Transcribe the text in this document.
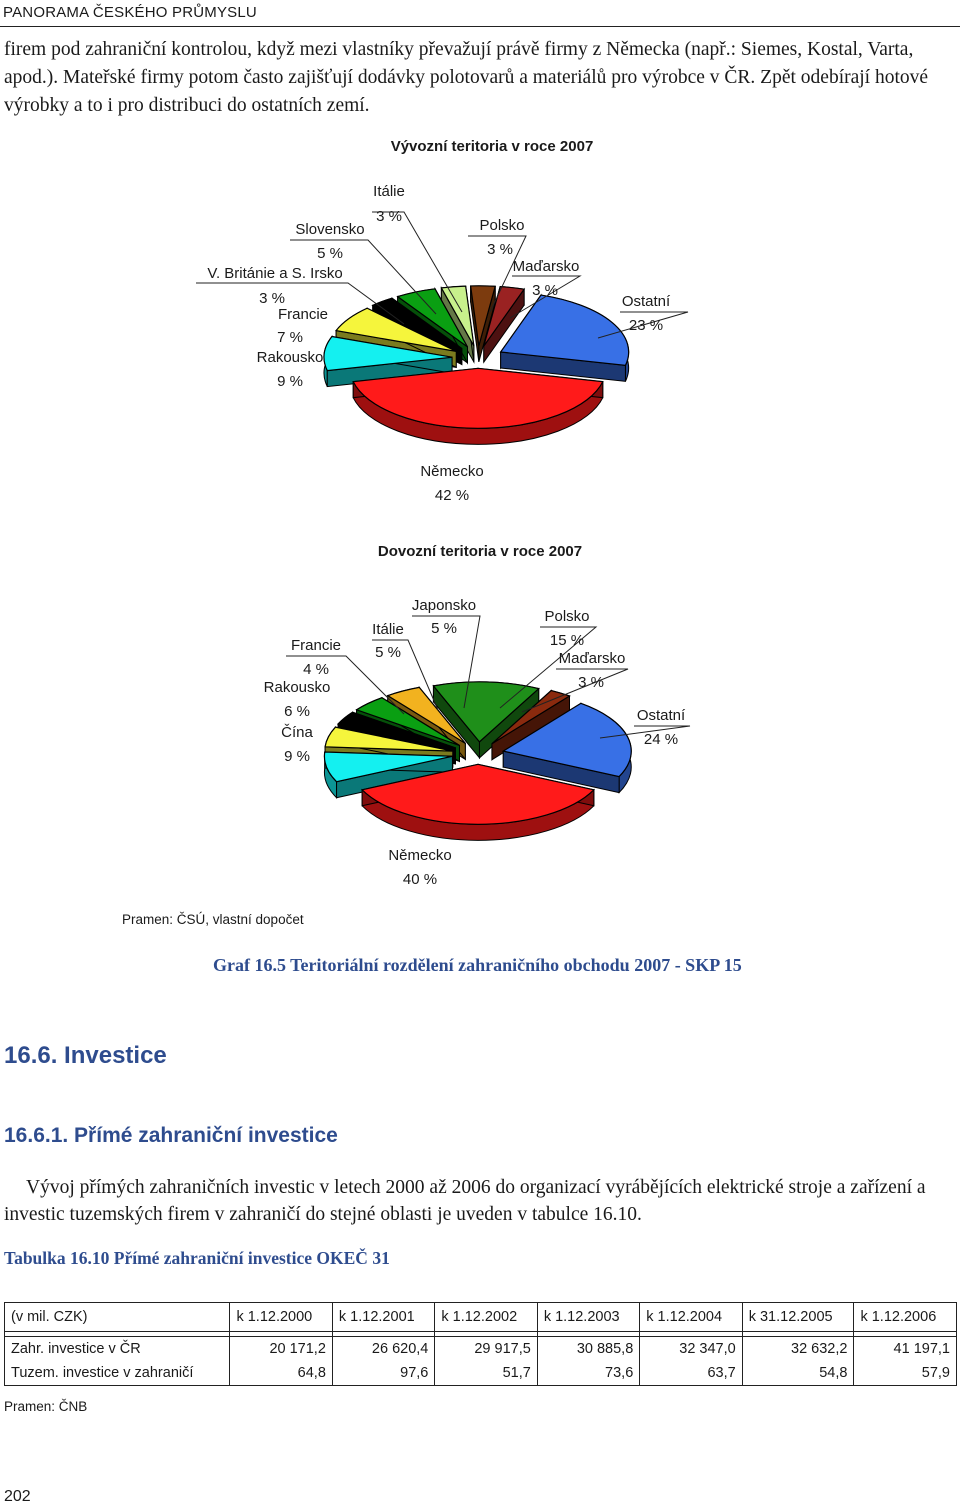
PANORAMA ČESKÉHO PRŮMYSLU

firem pod zahraniční kontrolou, když mezi vlastníky převažují právě firmy z Německa (např.: Siemes, Kostal, Varta, apod.). Mateřské firmy potom často zajišťují dodávky polotovarů a materiálů pro výrobce v ČR. Zpět odebírají hotové výrobky a to i pro distribuci do ostatních zemí.

Vývozní teritoria v roce 2007
Itálie
3 %
Slovensko
5 %
V. Británie a S. Irsko
3 %
Francie
7 %
Rakousko
9 %
Polsko
3 %
Maďarsko
3 %
Ostatní
23 %
Německo
42 %
Dovozní teritoria v roce 2007
Japonsko
5 %
Itálie
5 %
Francie
4 %
Rakousko
6 %
Čína
9 %
Polsko
15 %
Maďarsko
3 %
Ostatní
24 %
Německo
40 %
Pramen: ČSÚ, vlastní dopočet
Graf 16.5 Teritoriální rozdělení zahraničního obchodu 2007 - SKP 15
16.6. Investice
16.6.1. Přímé zahraniční investice

Vývoj přímých zahraničních investic v letech 2000 až 2006 do organizací vyrábějících elektrické stroje a zařízení a investic tuzemských firem v zahraničí do stejné oblasti je uveden v tabulce 16.10.

Tabulka 16.10 Přímé zahraniční investice OKEČ 31
(v mil. CZK)	k 1.12.2000	k 1.12.2001	k 1.12.2002	k 1.12.2003	k 1.12.2004	k 31.12.2005	k 1.12.2006

Zahr. investice v ČR	20 171,2	26 620,4	29 917,5	30 885,8	32 347,0	32 632,2	41 197,1
Tuzem. investice v zahraničí	64,8	97,6	51,7	73,6	63,7	54,8	57,9
Pramen: ČNB
202
